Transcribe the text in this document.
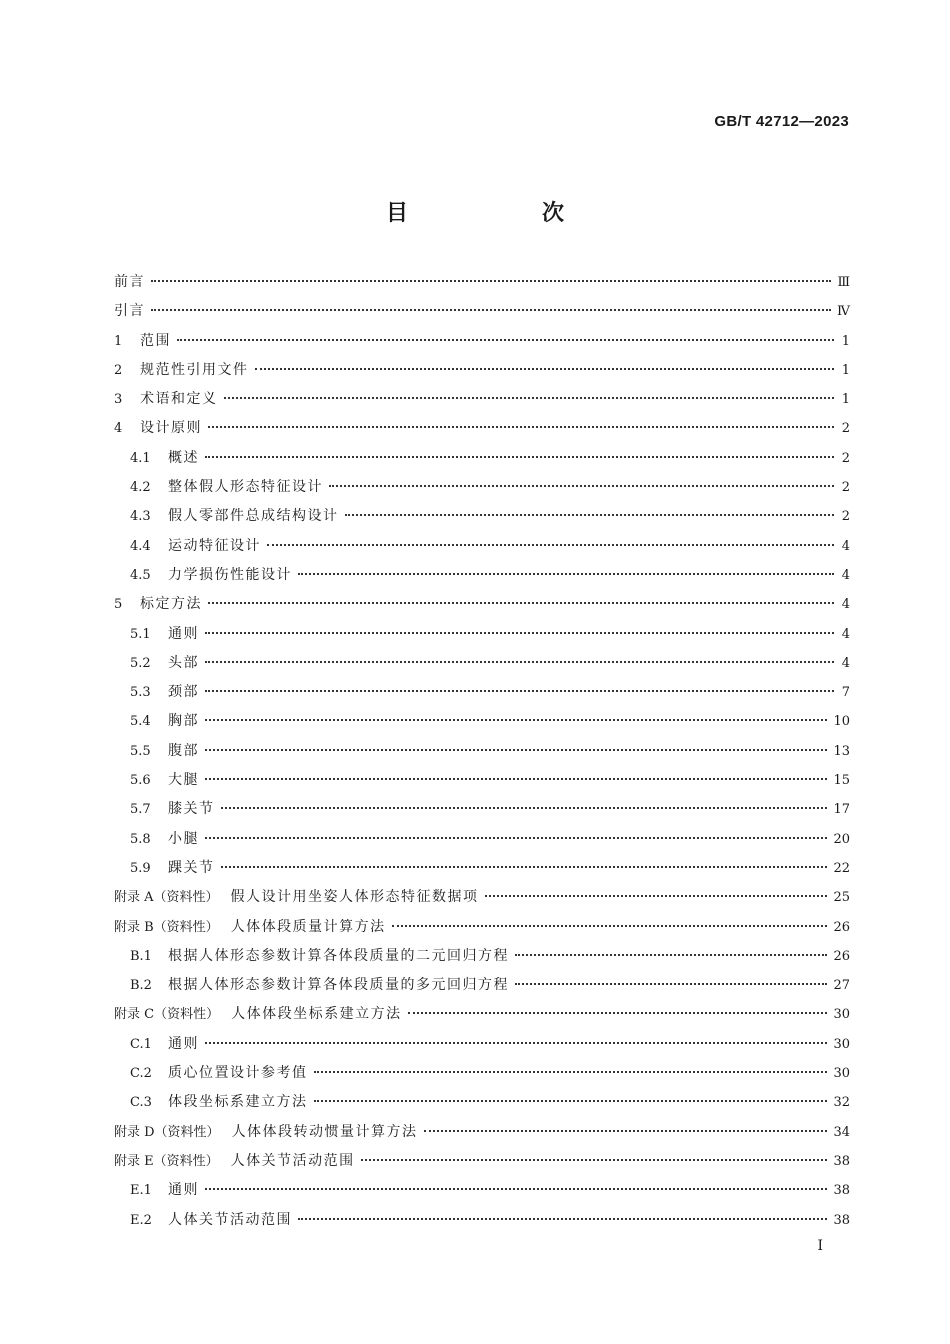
GB/T 42712—2023
目　次
前言	Ⅲ
引言	Ⅳ
1	范围	1
2	规范性引用文件	1
3	术语和定义	1
4	设计原则	2
4.1	概述	2
4.2	整体假人形态特征设计	2
4.3	假人零部件总成结构设计	2
4.4	运动特征设计	4
4.5	力学损伤性能设计	4
5	标定方法	4
5.1	通则	4
5.2	头部	4
5.3	颈部	7
5.4	胸部	10
5.5	腹部	13
5.6	大腿	15
5.7	膝关节	17
5.8	小腿	20
5.9	踝关节	22
附录 A（资料性） 假人设计用坐姿人体形态特征数据项	25
附录 B（资料性） 人体体段质量计算方法	26
B.1	根据人体形态参数计算各体段质量的二元回归方程	26
B.2	根据人体形态参数计算各体段质量的多元回归方程	27
附录 C（资料性） 人体体段坐标系建立方法	30
C.1	通则	30
C.2	质心位置设计参考值	30
C.3	体段坐标系建立方法	32
附录 D（资料性） 人体体段转动惯量计算方法	34
附录 E（资料性） 人体关节活动范围	38
E.1	通则	38
E.2	人体关节活动范围	38
Ⅰ
